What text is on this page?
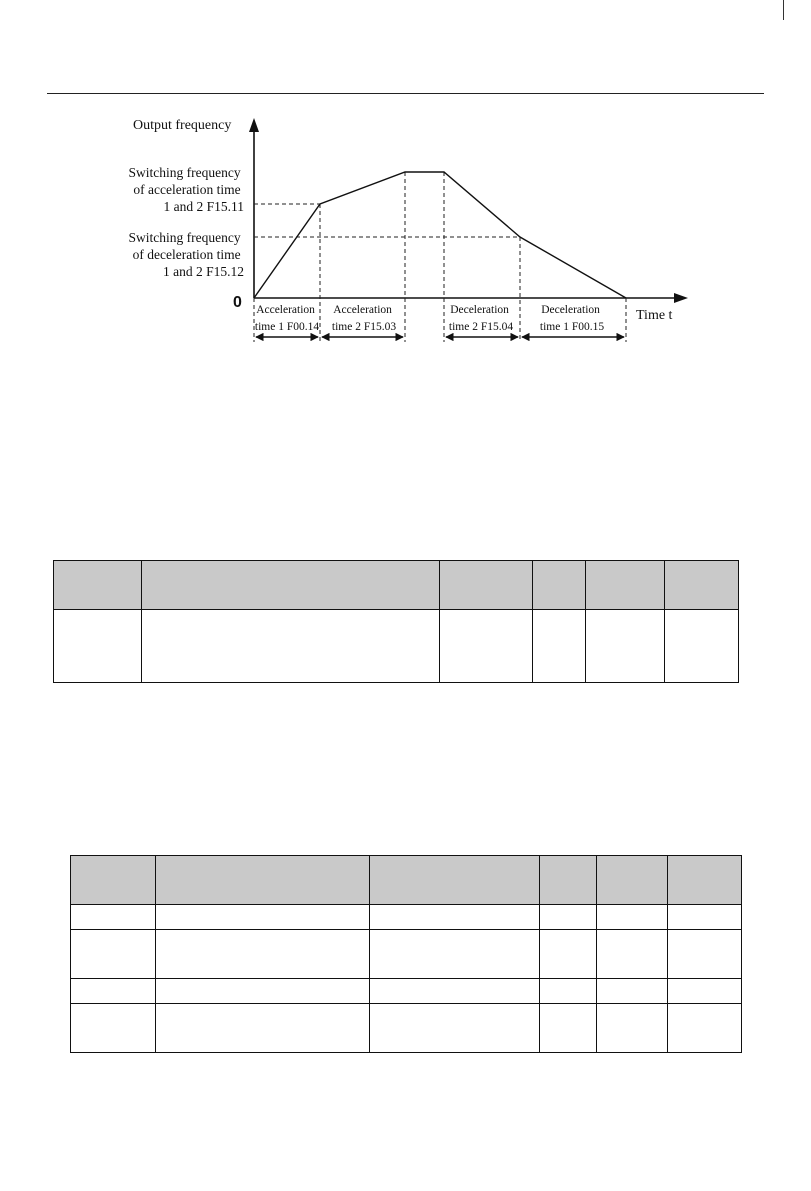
Output frequency
Switching frequency of acceleration time 1 and 2 F15.11
Switching frequency of deceleration time 1 and 2 F15.12
0
Time t
Acceleration time 1 F00.14
Acceleration time 2 F15.03
Deceleration time 2 F15.04
Deceleration time 1 F00.15
